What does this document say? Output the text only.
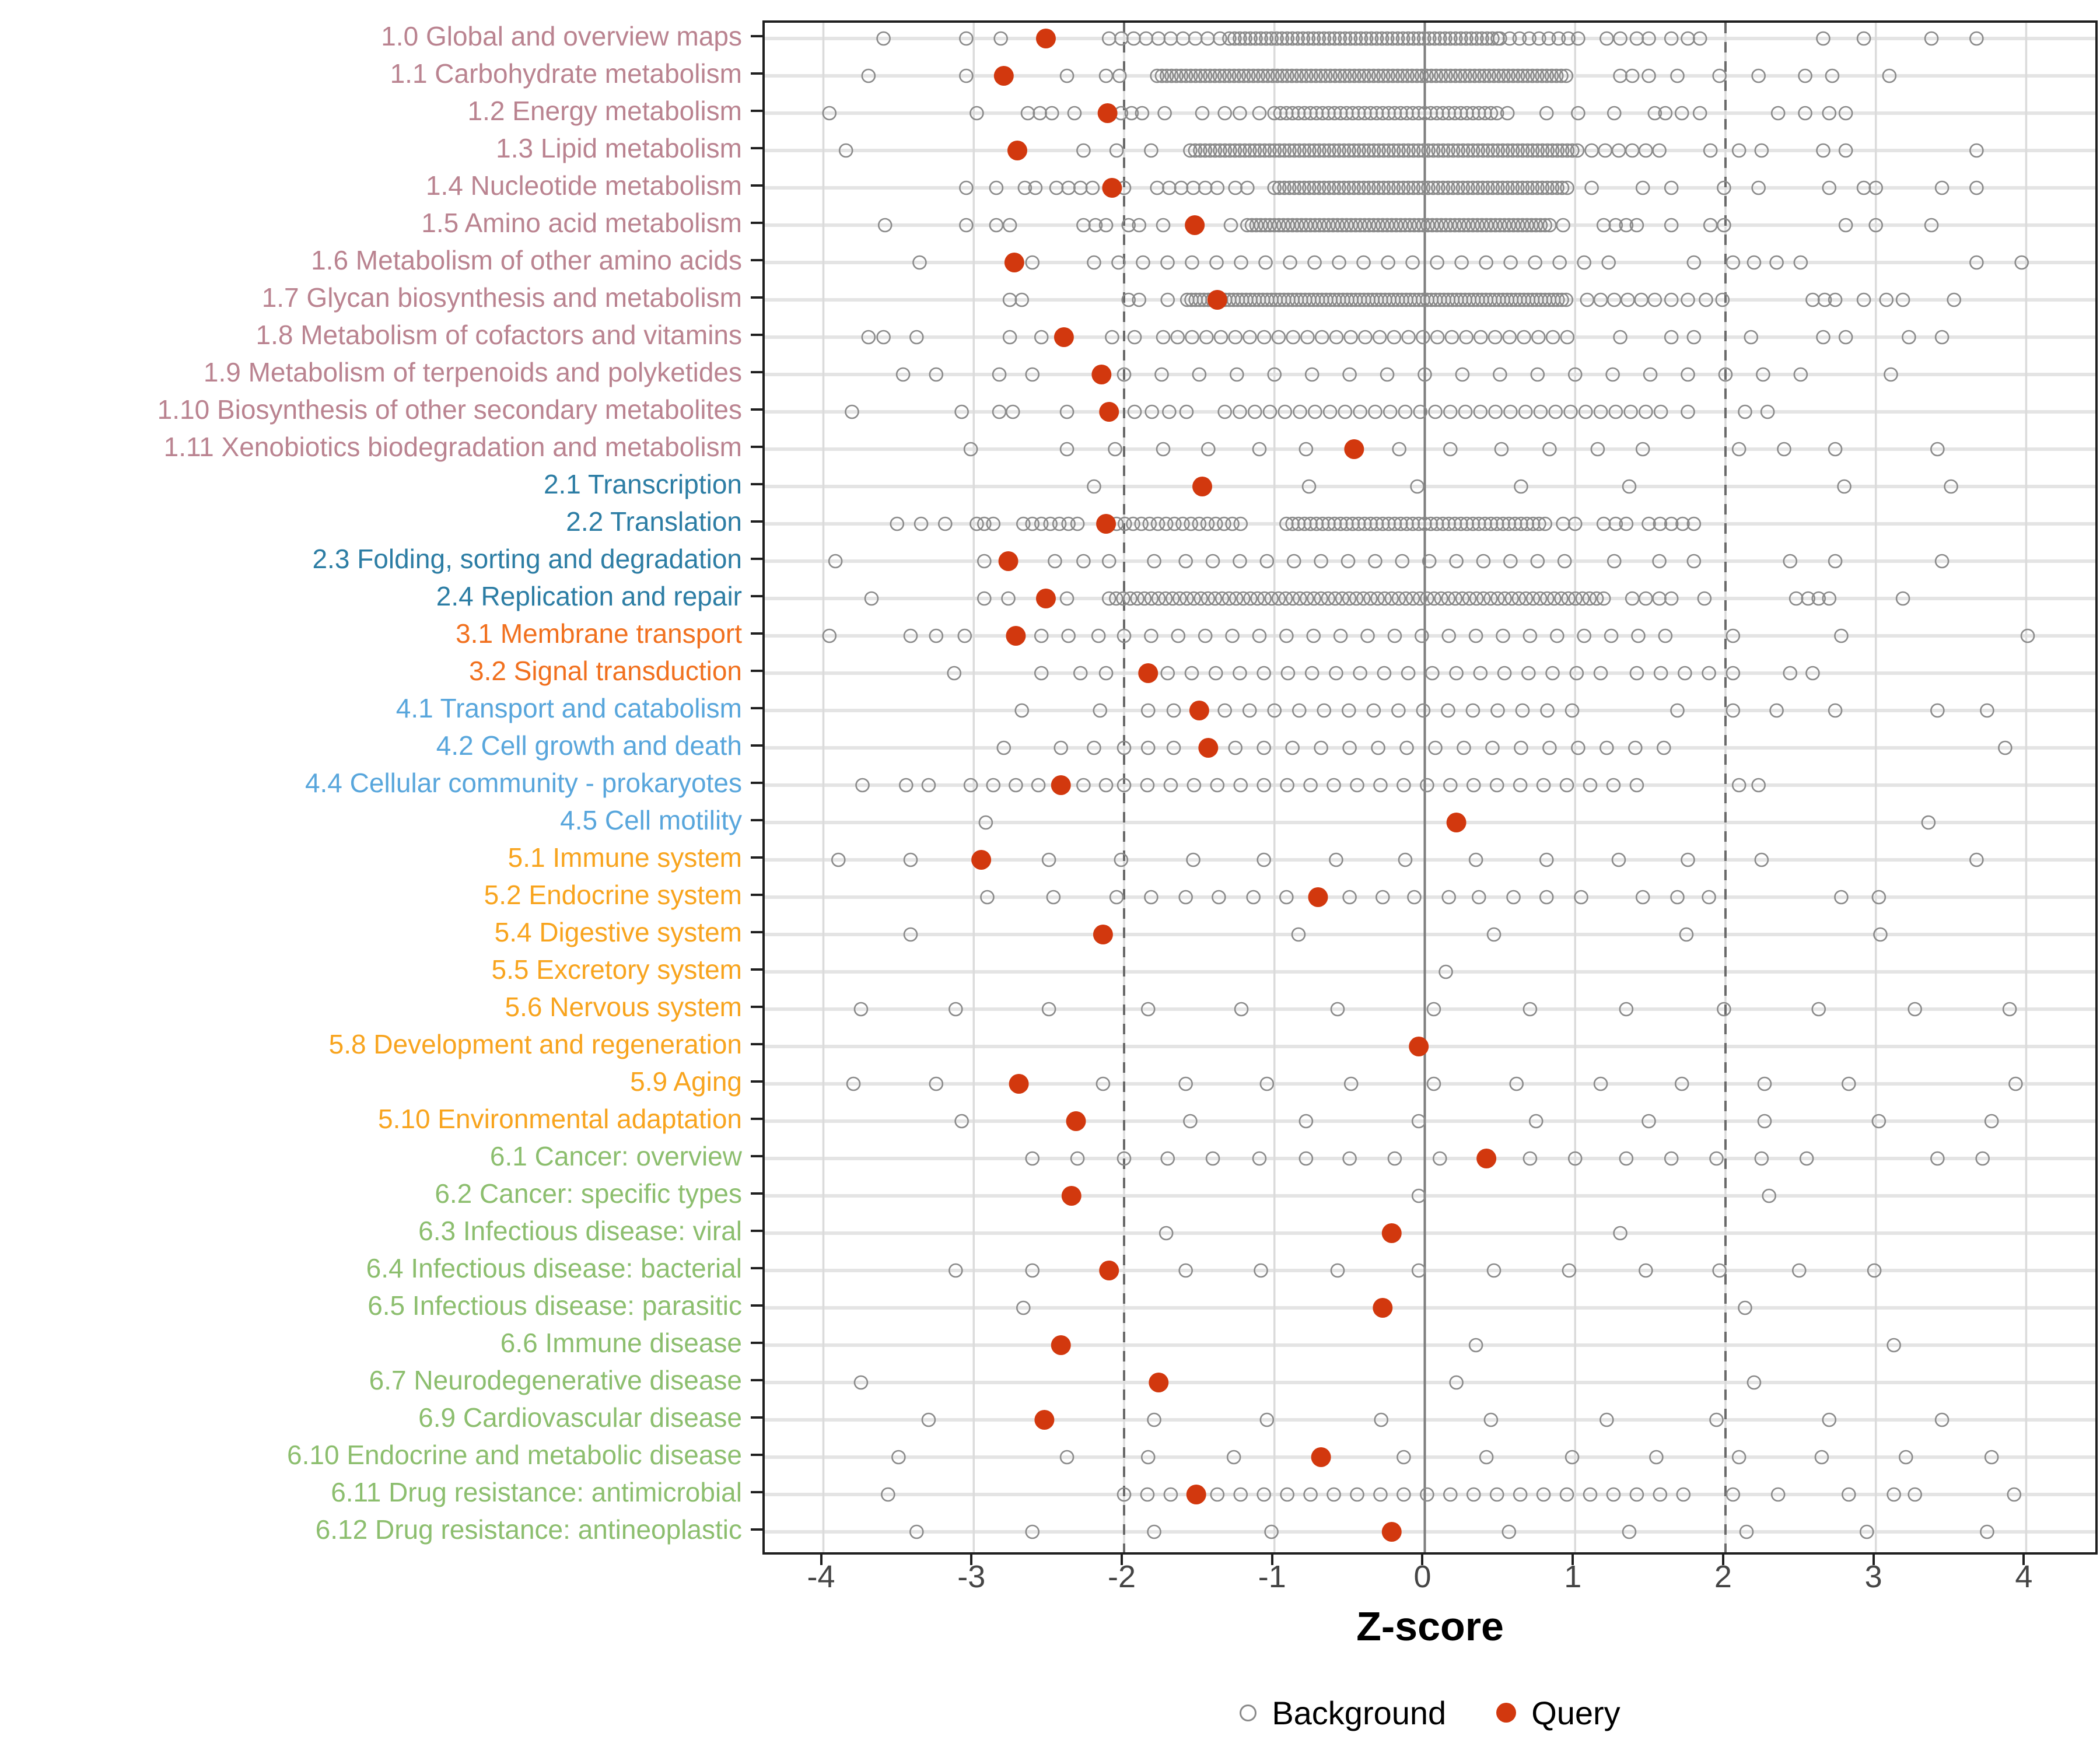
1.0 Global and overview maps
1.1 Carbohydrate metabolism
1.2 Energy metabolism
1.3 Lipid metabolism
1.4 Nucleotide metabolism
1.5 Amino acid metabolism
1.6 Metabolism of other amino acids
1.7 Glycan biosynthesis and metabolism
1.8 Metabolism of cofactors and vitamins
1.9 Metabolism of terpenoids and polyketides
1.10 Biosynthesis of other secondary metabolites
1.11 Xenobiotics biodegradation and metabolism
2.1 Transcription
2.2 Translation
2.3 Folding, sorting and degradation
2.4 Replication and repair
3.1 Membrane transport
3.2 Signal transduction
4.1 Transport and catabolism
4.2 Cell growth and death
4.4 Cellular community - prokaryotes
4.5 Cell motility
5.1 Immune system
5.2 Endocrine system
5.4 Digestive system
5.5 Excretory system
5.6 Nervous system
5.8 Development and regeneration
5.9 Aging
5.10 Environmental adaptation
6.1 Cancer: overview
6.2 Cancer: specific types
6.3 Infectious disease: viral
6.4 Infectious disease: bacterial
6.5 Infectious disease: parasitic
6.6 Immune disease
6.7 Neurodegenerative disease
6.9 Cardiovascular disease
6.10 Endocrine and metabolic disease
6.11 Drug resistance: antimicrobial
6.12 Drug resistance: antineoplastic
-4	-3	-2	-1	0	1	2	3	4
Z-score
Background	Query
